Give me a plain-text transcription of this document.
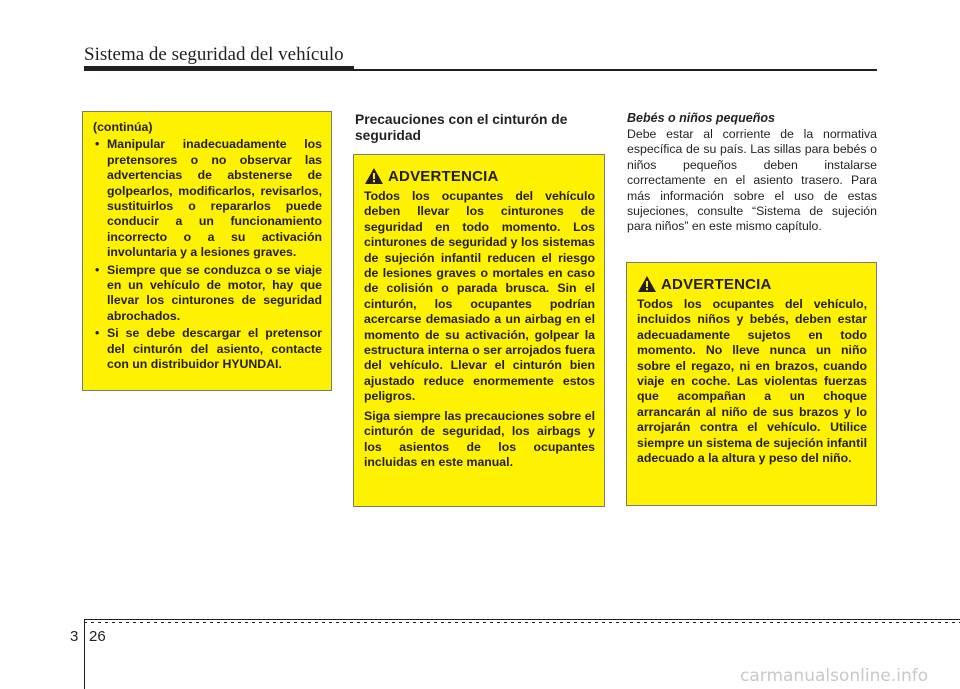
Sistema de seguridad del vehículo

(continúa)

• Manipular inadecuadamente los pretensores o no observar las advertencias de abstenerse de golpearlos, modificarlos, revisarlos, sustituirlos o repararlos puede conducir a un funcionamiento incorrecto o a su activación involuntaria y a lesiones graves.
• Siempre que se conduzca o se viaje en un vehículo de motor, hay que llevar los cinturones de seguridad abrochados.
• Si se debe descargar el pretensor del cinturón del asiento, contacte con un distribuidor HYUNDAI.
Precauciones con el cinturón de seguridad
ADVERTENCIA

Todos los ocupantes del vehículo deben llevar los cinturones de seguridad en todo momento. Los cinturones de seguridad y los sistemas de sujeción infantil reducen el riesgo de lesiones graves o mortales en caso de colisión o parada brusca. Sin el cinturón, los ocupantes podrían acercarse demasiado a un airbag en el momento de su activación, golpear la estructura interna o ser arrojados fuera del vehículo. Llevar el cinturón bien ajustado reduce enormemente estos peligros.

Siga siempre las precauciones sobre el cinturón de seguridad, los airbags y los asientos de los ocupantes incluidas en este manual.

Bebés o niños pequeños

Debe estar al corriente de la normativa específica de su país. Las sillas para bebés o niños pequeños deben instalarse correctamente en el asiento trasero. Para más información sobre el uso de estas sujeciones, consulte “Sistema de sujeción para niños” en este mismo capítulo.

ADVERTENCIA

Todos los ocupantes del vehículo, incluidos niños y bebés, deben estar adecuadamente sujetos en todo momento. No lleve nunca un niño sobre el regazo, ni en brazos, cuando viaje en coche. Las violentas fuerzas que acompañan a un choque arrancarán al niño de sus brazos y lo arrojarán contra el vehículo. Utilice siempre un sistema de sujeción infantil adecuado a la altura y peso del niño.

3 26
carmanualsonline.info
